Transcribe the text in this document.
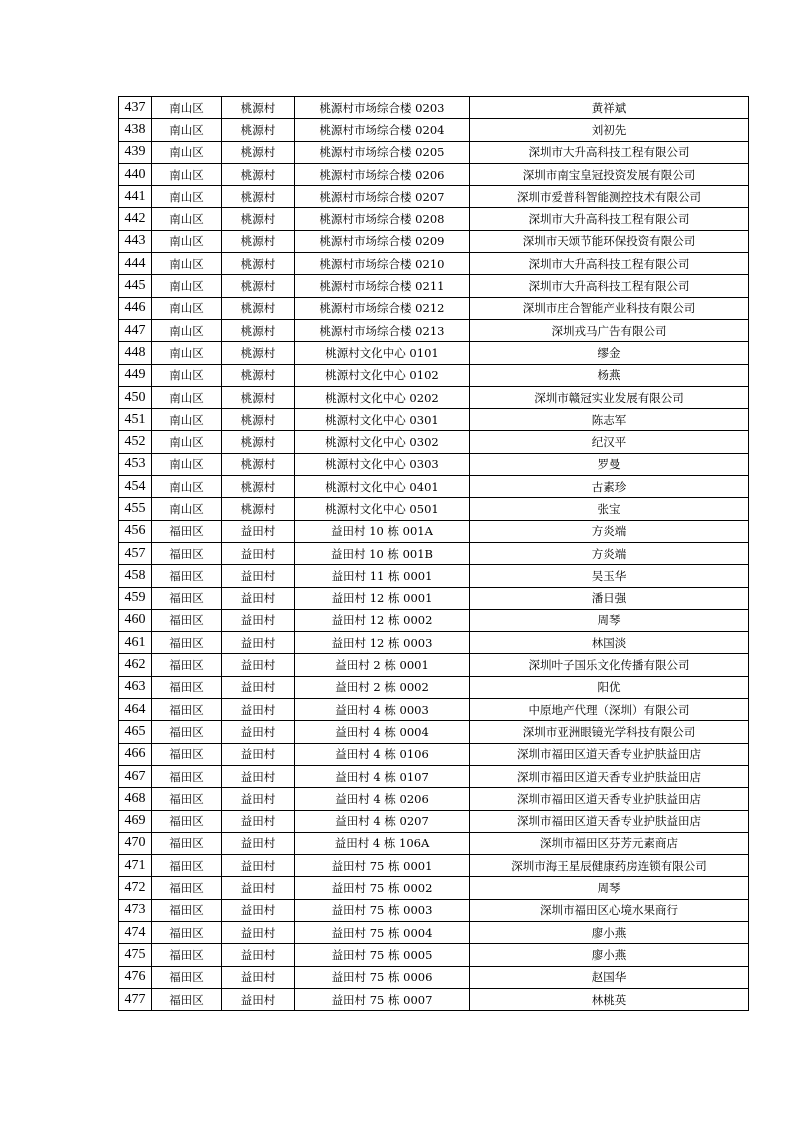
437	南山区	桃源村	桃源村市场综合楼 0203	黄祥斌
438	南山区	桃源村	桃源村市场综合楼 0204	刘初先
439	南山区	桃源村	桃源村市场综合楼 0205	深圳市大升高科技工程有限公司
440	南山区	桃源村	桃源村市场综合楼 0206	深圳市南宝皇冠投资发展有限公司
441	南山区	桃源村	桃源村市场综合楼 0207	深圳市爱普科智能测控技术有限公司
442	南山区	桃源村	桃源村市场综合楼 0208	深圳市大升高科技工程有限公司
443	南山区	桃源村	桃源村市场综合楼 0209	深圳市天颂节能环保投资有限公司
444	南山区	桃源村	桃源村市场综合楼 0210	深圳市大升高科技工程有限公司
445	南山区	桃源村	桃源村市场综合楼 0211	深圳市大升高科技工程有限公司
446	南山区	桃源村	桃源村市场综合楼 0212	深圳市庄合智能产业科技有限公司
447	南山区	桃源村	桃源村市场综合楼 0213	深圳戎马广告有限公司
448	南山区	桃源村	桃源村文化中心 0101	缪金
449	南山区	桃源村	桃源村文化中心 0102	杨燕
450	南山区	桃源村	桃源村文化中心 0202	深圳市赣冠实业发展有限公司
451	南山区	桃源村	桃源村文化中心 0301	陈志军
452	南山区	桃源村	桃源村文化中心 0302	纪汉平
453	南山区	桃源村	桃源村文化中心 0303	罗曼
454	南山区	桃源村	桃源村文化中心 0401	古素珍
455	南山区	桃源村	桃源村文化中心 0501	张宝
456	福田区	益田村	益田村 10 栋 001A	方炎端
457	福田区	益田村	益田村 10 栋 001B	方炎端
458	福田区	益田村	益田村 11 栋 0001	吴玉华
459	福田区	益田村	益田村 12 栋 0001	潘日强
460	福田区	益田村	益田村 12 栋 0002	周琴
461	福田区	益田村	益田村 12 栋 0003	林国淡
462	福田区	益田村	益田村 2 栋 0001	深圳叶子国乐文化传播有限公司
463	福田区	益田村	益田村 2 栋 0002	阳优
464	福田区	益田村	益田村 4 栋 0003	中原地产代理（深圳）有限公司
465	福田区	益田村	益田村 4 栋 0004	深圳市亚洲眼镜光学科技有限公司
466	福田区	益田村	益田村 4 栋 0106	深圳市福田区道天香专业护肤益田店
467	福田区	益田村	益田村 4 栋 0107	深圳市福田区道天香专业护肤益田店
468	福田区	益田村	益田村 4 栋 0206	深圳市福田区道天香专业护肤益田店
469	福田区	益田村	益田村 4 栋 0207	深圳市福田区道天香专业护肤益田店
470	福田区	益田村	益田村 4 栋 106A	深圳市福田区芬芳元素商店
471	福田区	益田村	益田村 75 栋 0001	深圳市海王星辰健康药房连锁有限公司
472	福田区	益田村	益田村 75 栋 0002	周琴
473	福田区	益田村	益田村 75 栋 0003	深圳市福田区心境水果商行
474	福田区	益田村	益田村 75 栋 0004	廖小燕
475	福田区	益田村	益田村 75 栋 0005	廖小燕
476	福田区	益田村	益田村 75 栋 0006	赵国华
477	福田区	益田村	益田村 75 栋 0007	林桃英
